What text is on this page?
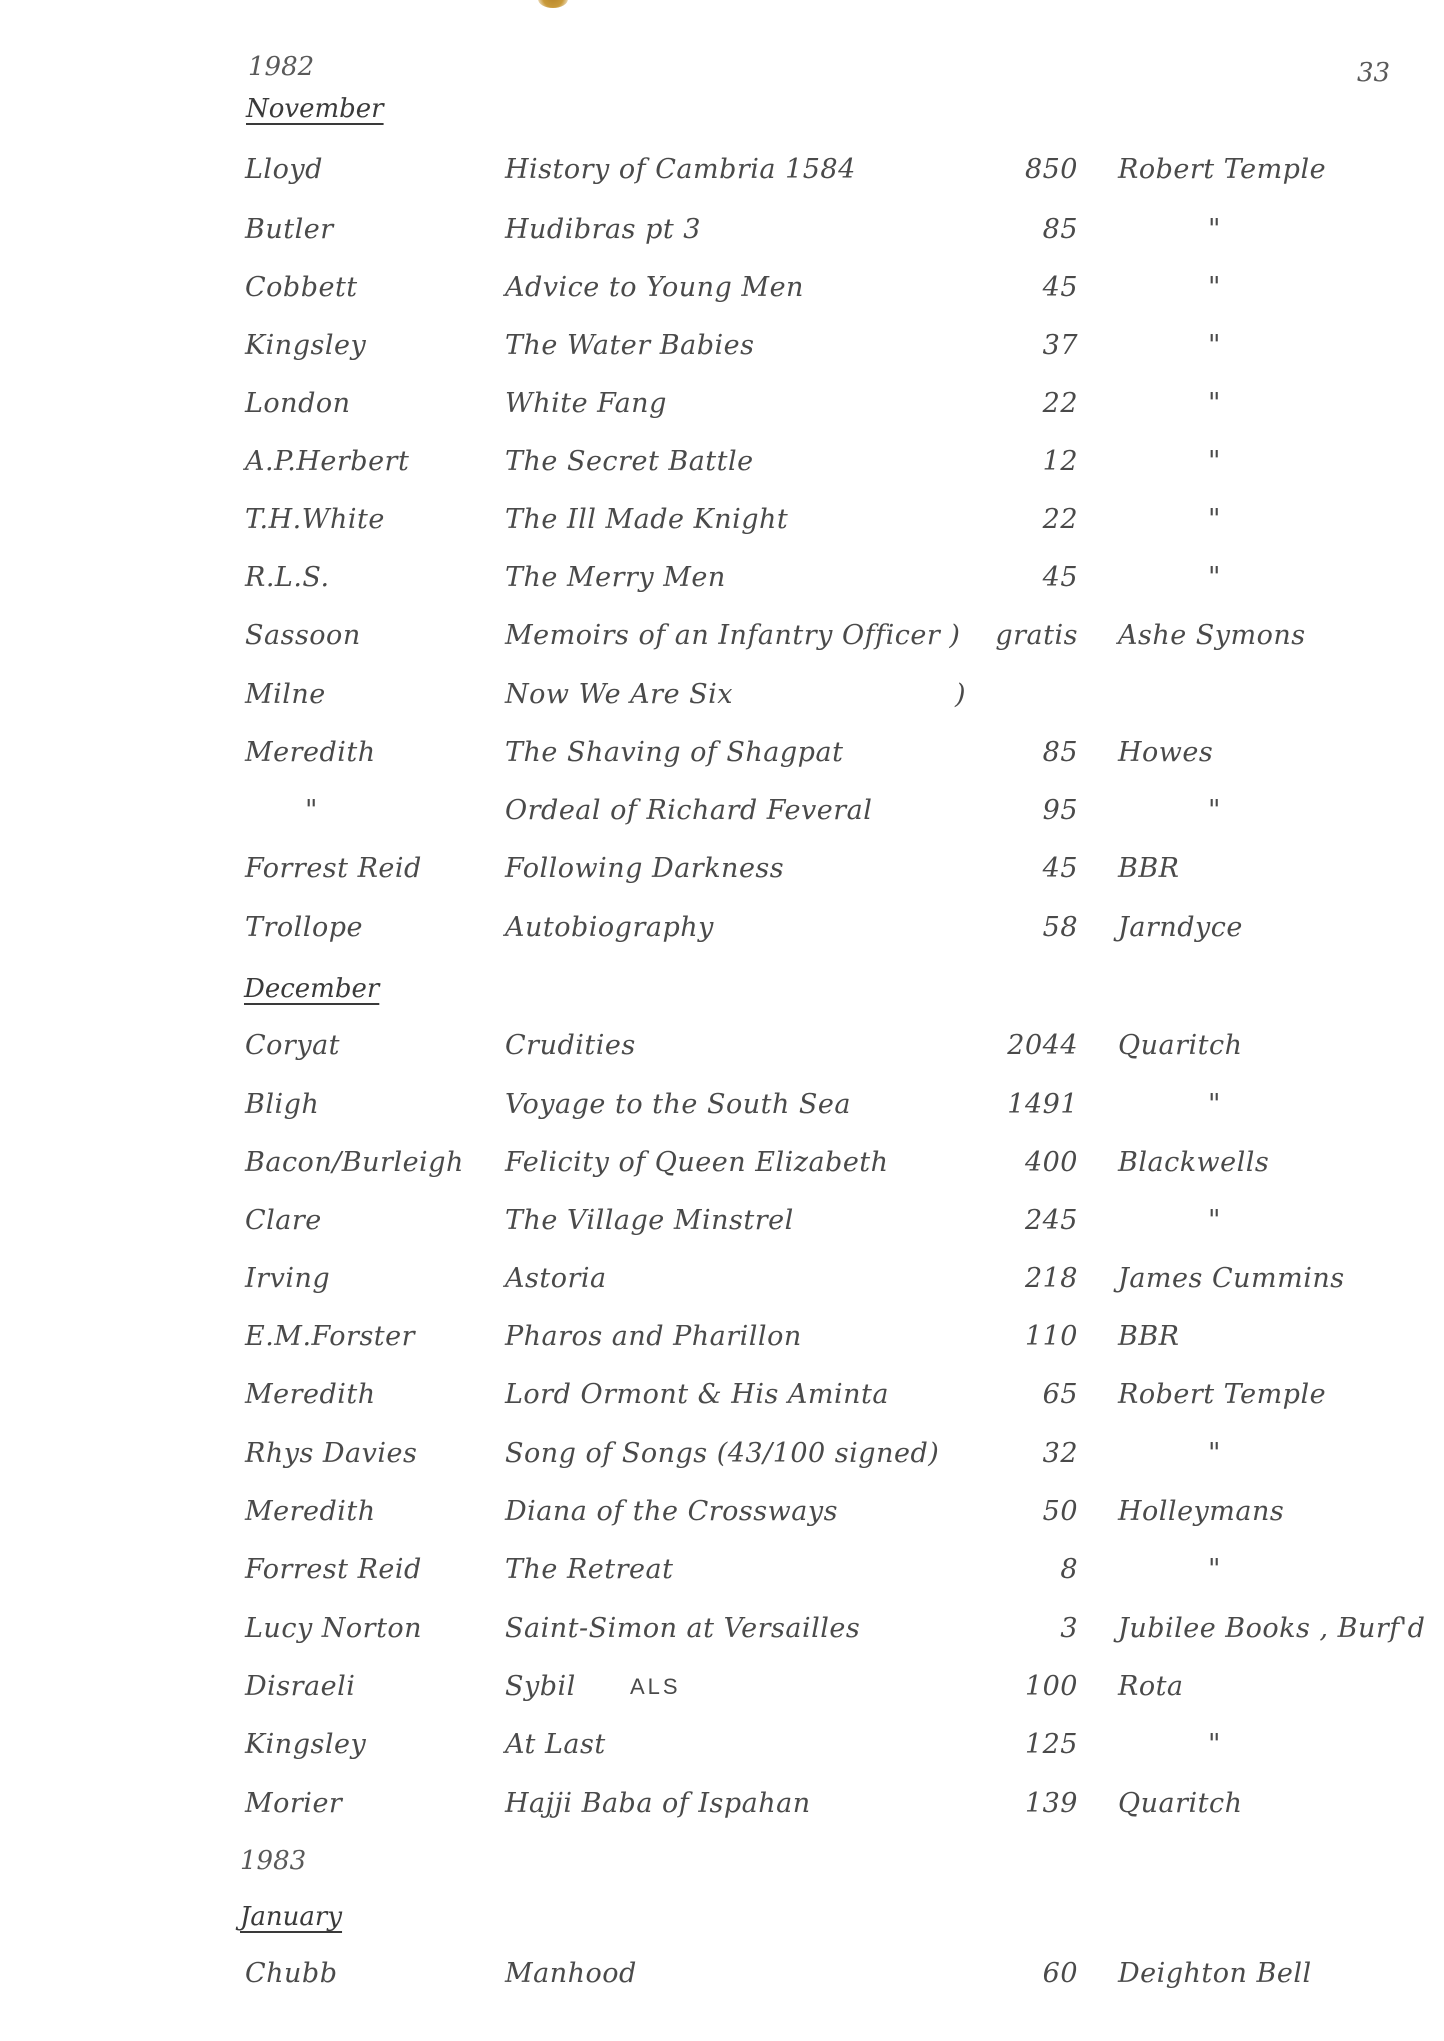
1982	33
November
December
1983
January
Lloyd	History of Cambria 1584	850 Robert Temple
Butler	Hudibras pt 3	85	"
Cobbett	Advice to Young Men	45	"
Kingsley	The Water Babies	37	"
London	White Fang	22	"
A.P.Herbert	The Secret Battle	12	"
T.H.White	The Ill Made Knight	22	"
R.L.S.	The Merry Men	45	"
Sassoon	Memoirs of an Infantry Officer ) gratis Ashe Symons
Milne	Now We Are Six	)
Meredith	The Shaving of Shagpat	85 Howes
"	Ordeal of Richard Feveral	95	"
Forrest Reid	Following Darkness	45 BBR
Trollope	Autobiography	58 Jarndyce
Coryat	Crudities	2044 Quaritch
Bligh	Voyage to the South Sea	1491	"
Bacon/Burleigh Felicity of Queen Elizabeth	400 Blackwells
Clare	The Village Minstrel	245	"
Irving	Astoria	218 James Cummins
E.M.Forster	Pharos and Pharillon	110 BBR
Meredith	Lord Ormont & His Aminta	65 Robert Temple
Rhys Davies	Song of Songs (43/100 signed)	32	"
Meredith	Diana of the Crossways	50 Holleymans
Forrest Reid	The Retreat	8	"
Lucy Norton	Saint-Simon at Versailles	3 Jubilee Books , Burf'd
Disraeli	Sybil ALS	100 Rota
Kingsley	At Last	125	"
Morier	Hajji Baba of Ispahan	139 Quaritch
Chubb	Manhood	60 Deighton Bell
